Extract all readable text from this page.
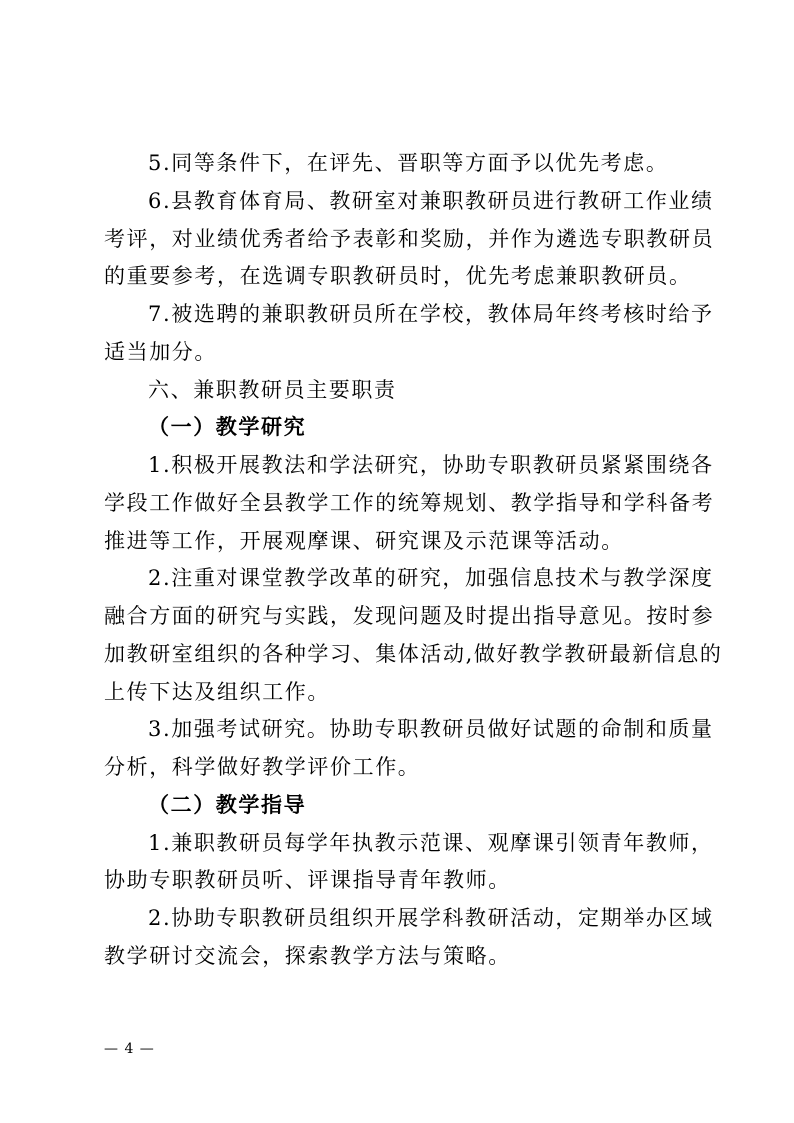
5.同等条件下，在评先、晋职等方面予以优先考虑。
6.县教育体育局、教研室对兼职教研员进行教研工作业绩
考评，对业绩优秀者给予表彰和奖励，并作为遴选专职教研员
的重要参考，在选调专职教研员时，优先考虑兼职教研员。
7.被选聘的兼职教研员所在学校，教体局年终考核时给予
适当加分。
六、兼职教研员主要职责
（一）教学研究
1.积极开展教法和学法研究，协助专职教研员紧紧围绕各
学段工作做好全县教学工作的统筹规划、教学指导和学科备考
推进等工作，开展观摩课、研究课及示范课等活动。
2.注重对课堂教学改革的研究，加强信息技术与教学深度
融合方面的研究与实践，发现问题及时提出指导意见。按时参
加教研室组织的各种学习、集体活动,做好教学教研最新信息的
上传下达及组织工作。
3.加强考试研究。协助专职教研员做好试题的命制和质量
分析，科学做好教学评价工作。
（二）教学指导
1.兼职教研员每学年执教示范课、观摩课引领青年教师，
协助专职教研员听、评课指导青年教师。
2.协助专职教研员组织开展学科教研活动，定期举办区域
教学研讨交流会，探索教学方法与策略。
— 4 —
